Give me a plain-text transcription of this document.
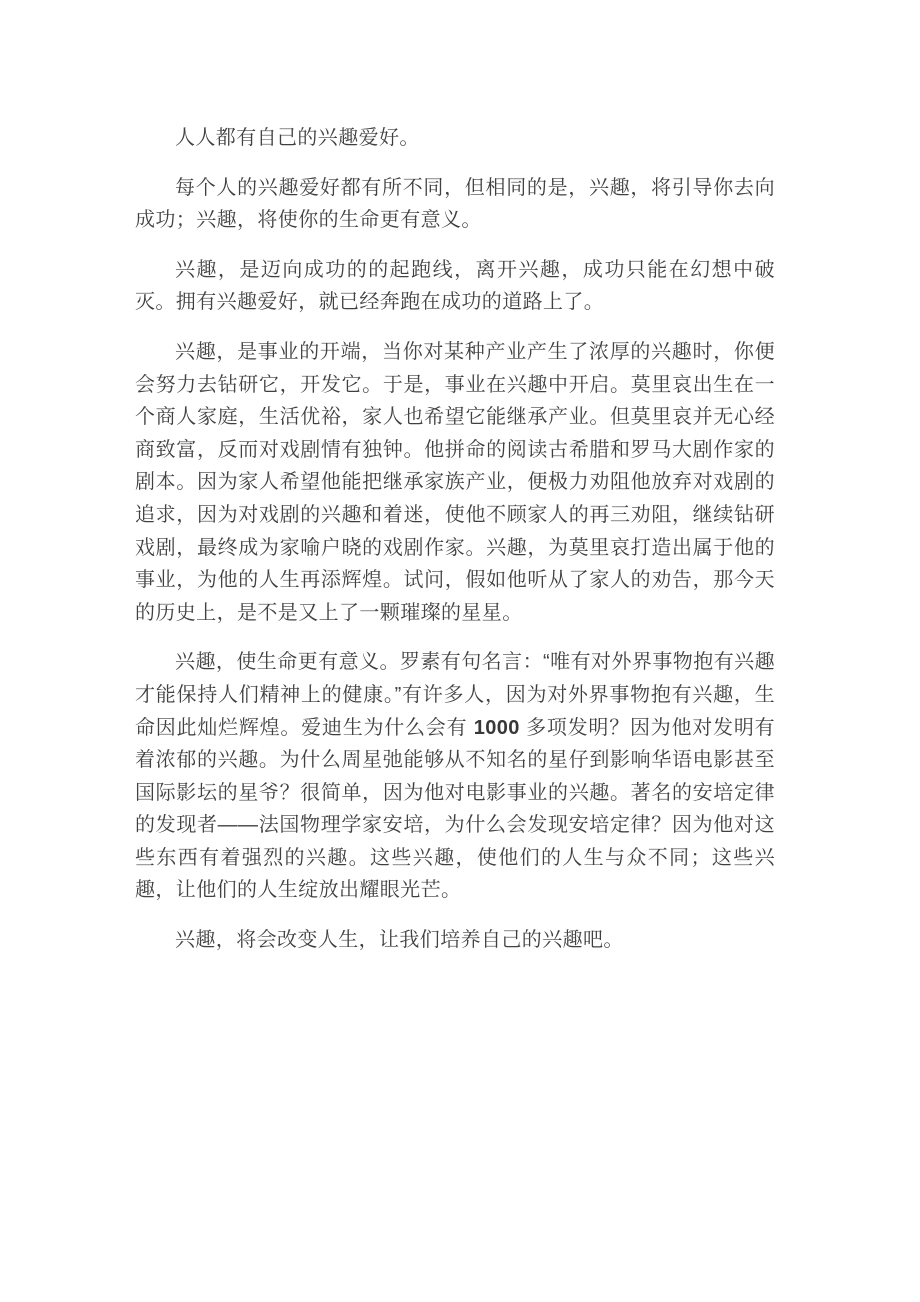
人人都有自己的兴趣爱好。

每个人的兴趣爱好都有所不同，但相同的是，兴趣，将引导你去向成功；兴趣，将使你的生命更有意义。

兴趣，是迈向成功的的起跑线，离开兴趣，成功只能在幻想中破灭。拥有兴趣爱好，就已经奔跑在成功的道路上了。

兴趣，是事业的开端，当你对某种产业产生了浓厚的兴趣时，你便会努力去钻研它，开发它。于是，事业在兴趣中开启。莫里哀出生在一个商人家庭，生活优裕，家人也希望它能继承产业。但莫里哀并无心经商致富，反而对戏剧情有独钟。他拼命的阅读古希腊和罗马大剧作家的剧本。因为家人希望他能把继承家族产业，便极力劝阻他放弃对戏剧的追求，因为对戏剧的兴趣和着迷，使他不顾家人的再三劝阻，继续钻研戏剧，最终成为家喻户晓的戏剧作家。兴趣，为莫里哀打造出属于他的事业，为他的人生再添辉煌。试问，假如他听从了家人的劝告，那今天的历史上，是不是又上了一颗璀璨的星星。

兴趣，使生命更有意义。罗素有句名言：“唯有对外界事物抱有兴趣才能保持人们精神上的健康。”有许多人，因为对外界事物抱有兴趣，生命因此灿烂辉煌。爱迪生为什么会有 1000 多项发明？因为他对发明有着浓郁的兴趣。为什么周星弛能够从不知名的星仔到影响华语电影甚至国际影坛的星爷？很简单，因为他对电影事业的兴趣。著名的安培定律的发现者——法国物理学家安培，为什么会发现安培定律？因为他对这些东西有着强烈的兴趣。这些兴趣，使他们的人生与众不同；这些兴趣，让他们的人生绽放出耀眼光芒。

兴趣，将会改变人生，让我们培养自己的兴趣吧。
